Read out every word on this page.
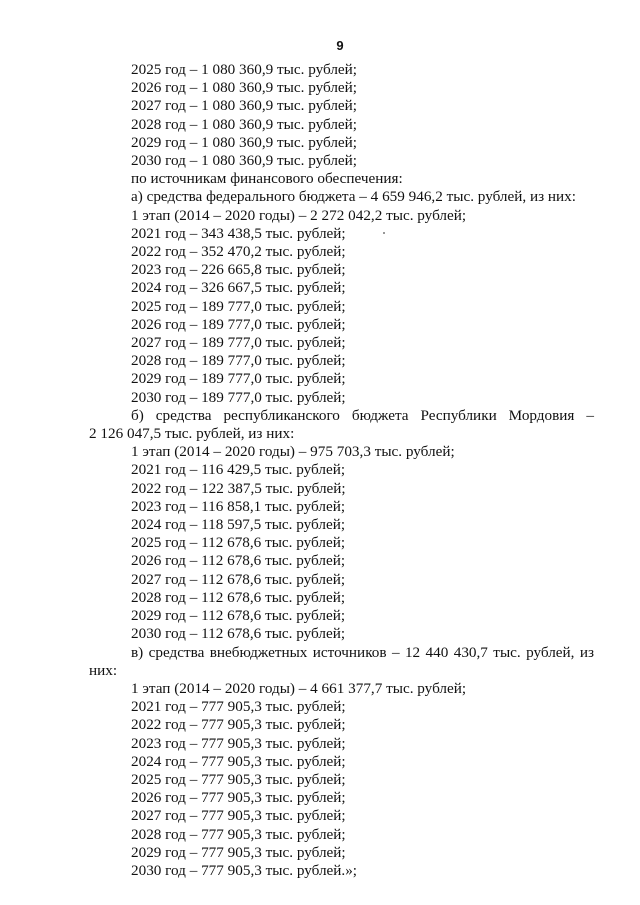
9
2025 год – 1 080 360,9 тыс. рублей;
2026 год – 1 080 360,9 тыс. рублей;
2027 год – 1 080 360,9 тыс. рублей;
2028 год – 1 080 360,9 тыс. рублей;
2029 год – 1 080 360,9 тыс. рублей;
2030 год – 1 080 360,9 тыс. рублей;
по источникам финансового обеспечения:
а) средства федерального бюджета – 4 659 946,2 тыс. рублей, из них:
1 этап (2014 – 2020 годы) – 2 272 042,2 тыс. рублей;
2021 год – 343 438,5 тыс. рублей;
2022 год – 352 470,2 тыс. рублей;
2023 год – 226 665,8 тыс. рублей;
2024 год – 326 667,5 тыс. рублей;
2025 год – 189 777,0 тыс. рублей;
2026 год – 189 777,0 тыс. рублей;
2027 год – 189 777,0 тыс. рублей;
2028 год – 189 777,0 тыс. рублей;
2029 год – 189 777,0 тыс. рублей;
2030 год – 189 777,0 тыс. рублей;
б) средства республиканского бюджета Республики Мордовия –
2 126 047,5 тыс. рублей, из них:
1 этап (2014 – 2020 годы) – 975 703,3 тыс. рублей;
2021 год – 116 429,5 тыс. рублей;
2022 год – 122 387,5 тыс. рублей;
2023 год – 116 858,1 тыс. рублей;
2024 год – 118 597,5 тыс. рублей;
2025 год – 112 678,6 тыс. рублей;
2026 год – 112 678,6 тыс. рублей;
2027 год – 112 678,6 тыс. рублей;
2028 год – 112 678,6 тыс. рублей;
2029 год – 112 678,6 тыс. рублей;
2030 год – 112 678,6 тыс. рублей;
в) средства внебюджетных источников – 12 440 430,7 тыс. рублей, из
них:
1 этап (2014 – 2020 годы) – 4 661 377,7 тыс. рублей;
2021 год – 777 905,3 тыс. рублей;
2022 год – 777 905,3 тыс. рублей;
2023 год – 777 905,3 тыс. рублей;
2024 год – 777 905,3 тыс. рублей;
2025 год – 777 905,3 тыс. рублей;
2026 год – 777 905,3 тыс. рублей;
2027 год – 777 905,3 тыс. рублей;
2028 год – 777 905,3 тыс. рублей;
2029 год – 777 905,3 тыс. рублей;
2030 год – 777 905,3 тыс. рублей.»;
